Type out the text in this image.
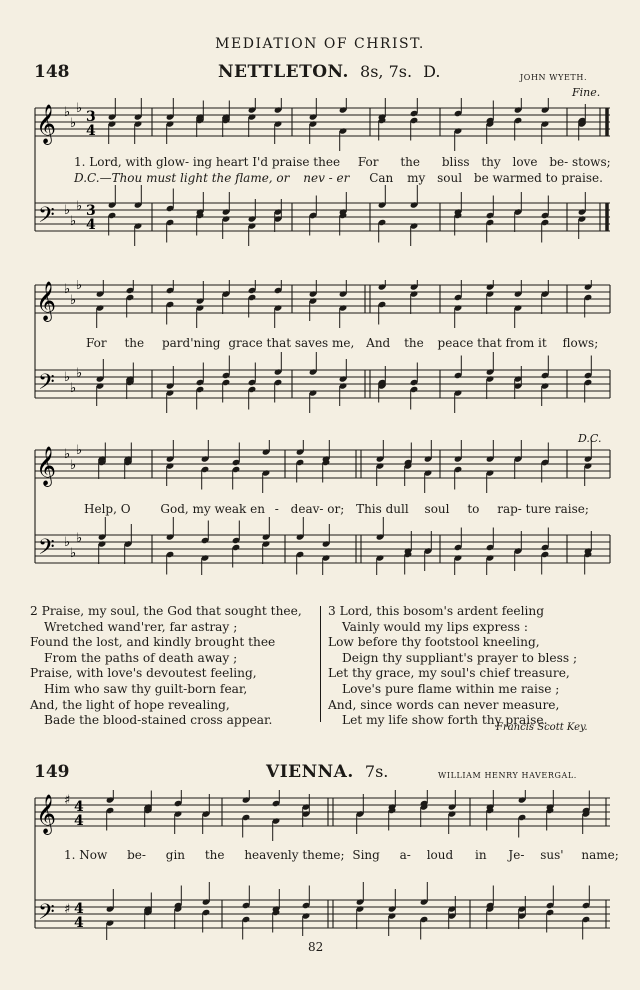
MEDIATION OF CHRIST.
148	NETTLETON. 8s, 7s. D.	JOHN WYETH.
Fine.
𝄞
𝄢
♭
♭
♭
♭
♭
♭
3
4
3
4
1. Lord, with glow- ing heart I'd praise thee For the bliss thy love be- stows;
D.C.—Thou must light the flame, or nev - er Can my soul be warmed to praise.
𝄞
𝄢
♭
♭
♭
♭
♭
♭
For the pard'ning grace that saves me, And the peace that from it flows;
D.C.
𝄞
𝄢
♭
♭
♭
♭
♭
♭
Help, O God, my weak en - deav- or; This dull soul to rap- ture raise;
2 Praise, my soul, the God that sought thee,
Wretched wand'rer, far astray ;
Found the lost, and kindly brought thee
From the paths of death away ;
Praise, with love's devoutest feeling,
Him who saw thy guilt-born fear,
And, the light of hope revealing,
Bade the blood-stained cross appear.
3 Lord, this bosom's ardent feeling
Vainly would my lips express :
Low before thy footstool kneeling,
Deign thy suppliant's prayer to bless ;
Let thy grace, my soul's chief treasure,
Love's pure flame within me raise ;
And, since words can never measure,
Let my life show forth thy praise.
Francis Scott Key.
149	VIENNA. 7s.	WILLIAM HENRY HAVERGAL.
𝄞
𝄢
♯
♯
4
4
4
4
1. Now be- gin the heavenly theme; Sing a- loud in Je- sus' name;
82
